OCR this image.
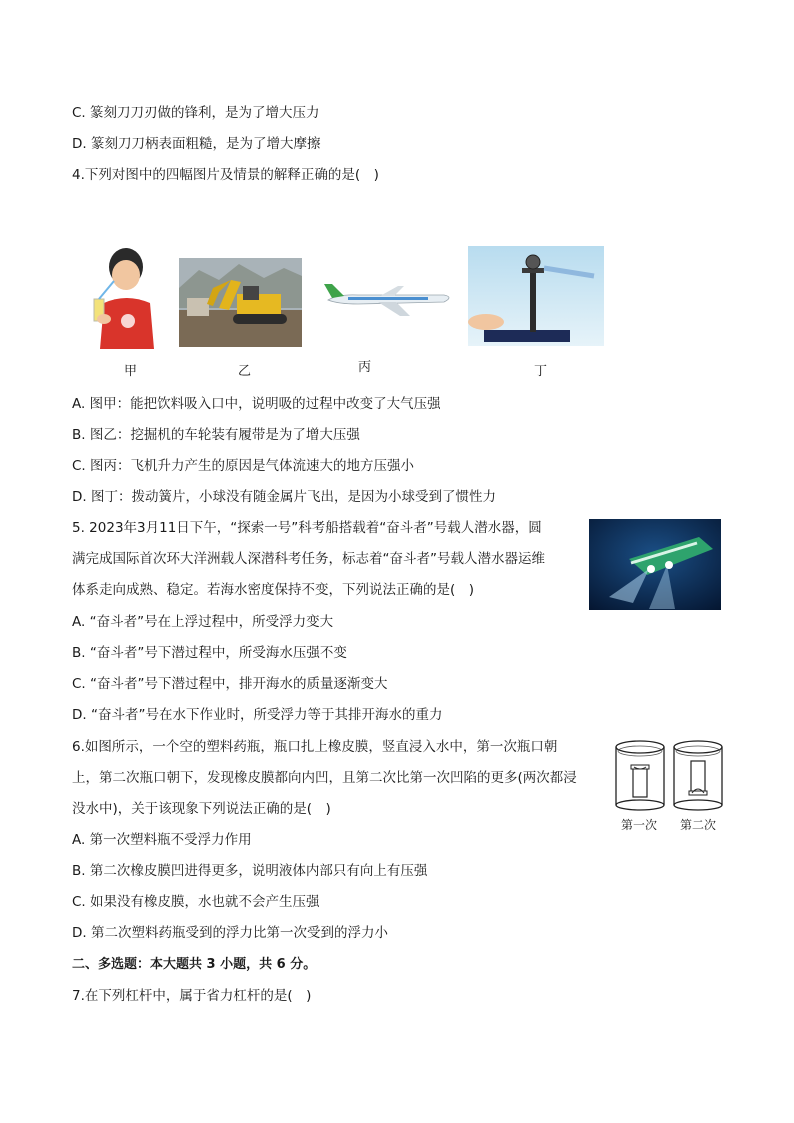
C. 篆刻刀刀刃做的锋利，是为了增大压力
D. 篆刻刀刀柄表面粗糙，是为了增大摩擦
4.下列对图中的四幅图片及情景的解释正确的是(　)
甲	乙	丙	丁
A. 图甲：能把饮料吸入口中，说明吸的过程中改变了大气压强
B. 图乙：挖掘机的车轮装有履带是为了增大压强
C. 图丙：飞机升力产生的原因是气体流速大的地方压强小
D. 图丁：拨动簧片，小球没有随金属片飞出，是因为小球受到了惯性力
5. 2023年3月11日下午，“探索一号”科考船搭载着“奋斗者”号载人潜水器，圆
满完成国际首次环大洋洲载人深潜科考任务，标志着“奋斗者”号载人潜水器运维
体系走向成熟、稳定。若海水密度保持不变，下列说法正确的是(　)
A. “奋斗者”号在上浮过程中，所受浮力变大
B. “奋斗者”号下潜过程中，所受海水压强不变
C. “奋斗者”号下潜过程中，排开海水的质量逐渐变大
D. “奋斗者”号在水下作业时，所受浮力等于其排开海水的重力
6.如图所示，一个空的塑料药瓶，瓶口扎上橡皮膜，竖直浸入水中，第一次瓶口朝
上，第二次瓶口朝下，发现橡皮膜都向内凹，且第二次比第一次凹陷的更多(两次都浸
没水中)，关于该现象下列说法正确的是(　)
第一次 第二次
A. 第一次塑料瓶不受浮力作用
B. 第二次橡皮膜凹进得更多，说明液体内部只有向上有压强
C. 如果没有橡皮膜，水也就不会产生压强
D. 第二次塑料药瓶受到的浮力比第一次受到的浮力小
二、多选题：本大题共 3 小题，共 6 分。
7.在下列杠杆中，属于省力杠杆的是(　)
